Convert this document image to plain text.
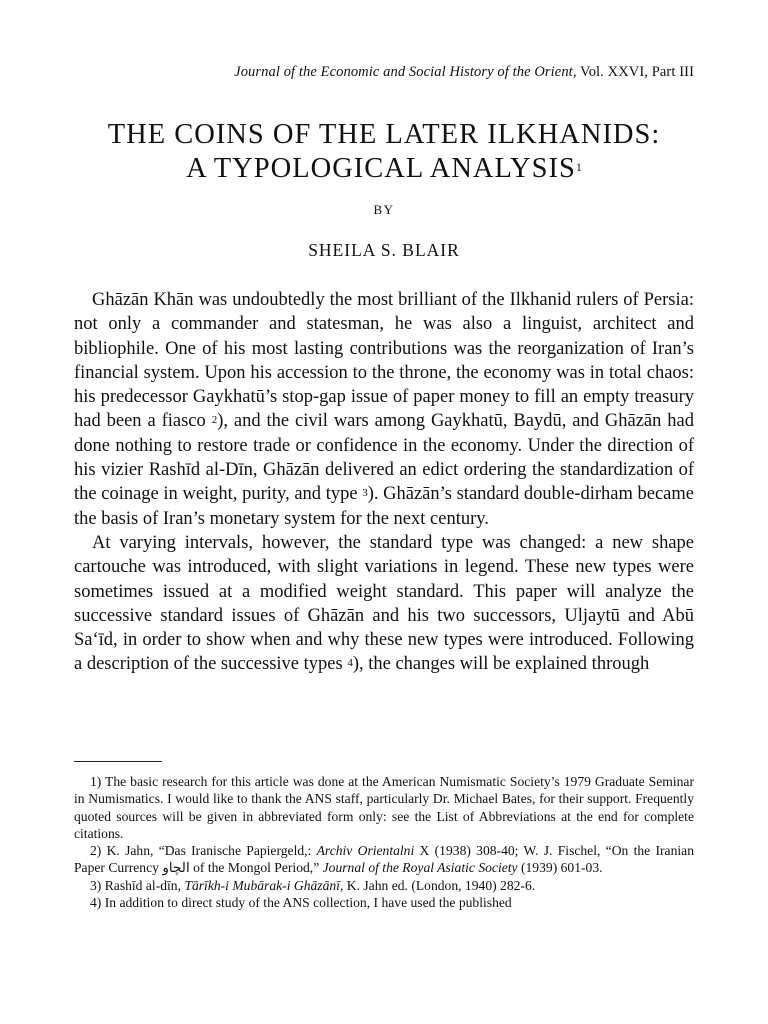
Journal of the Economic and Social History of the Orient, Vol. XXVI, Part III
THE COINS OF THE LATER ILKHANIDS:
A TYPOLOGICAL ANALYSIS$^1$
BY
SHEILA S. BLAIR

Ghāzān Khān was undoubtedly the most brilliant of the Ilkhanid rulers of Persia: not only a commander and statesman, he was also a linguist, architect and bibliophile. One of his most lasting contributions was the reorganization of Iran’s financial system. Upon his accession to the throne, the economy was in total chaos: his predecessor Gaykhatū’s stop-gap issue of paper money to fill an empty treasury had been a fiasco $^2$), and the civil wars among Gaykhatū, Baydū, and Ghāzān had done nothing to restore trade or confidence in the economy. Under the direction of his vizier Rashīd al-Dīn, Ghāzān delivered an edict ordering the standardization of the coinage in weight, purity, and type $^3$). Ghāzān’s standard double-dirham became the basis of Iran’s monetary system for the next century.

At varying intervals, however, the standard type was changed: a new shape cartouche was introduced, with slight variations in legend. These new types were sometimes issued at a modified weight standard. This paper will analyze the successive standard issues of Ghāzān and his two successors, Uljaytū and Abū Sa‘īd, in order to show when and why these new types were introduced. Following a description of the successive types $^4$), the changes will be explained through

1) The basic research for this article was done at the American Numismatic Society’s 1979 Graduate Seminar in Numismatics. I would like to thank the ANS staff, particularly Dr. Michael Bates, for their support. Frequently quoted sources will be given in abbreviated form only: see the List of Abbreviations at the end for complete citations.

2) K. Jahn, “Das Iranische Papiergeld,: Archiv Orientalni X (1938) 308-40; W. J. Fischel, “On the Iranian Paper Currency الچاو of the Mongol Period,” Journal of the Royal Asiatic Society (1939) 601-03.

3) Rashīd al-dīn, Tārīkh-i Mubārak-i Ghāzānī, K. Jahn ed. (London, 1940) 282-6.

4) In addition to direct study of the ANS collection, I have used the published
